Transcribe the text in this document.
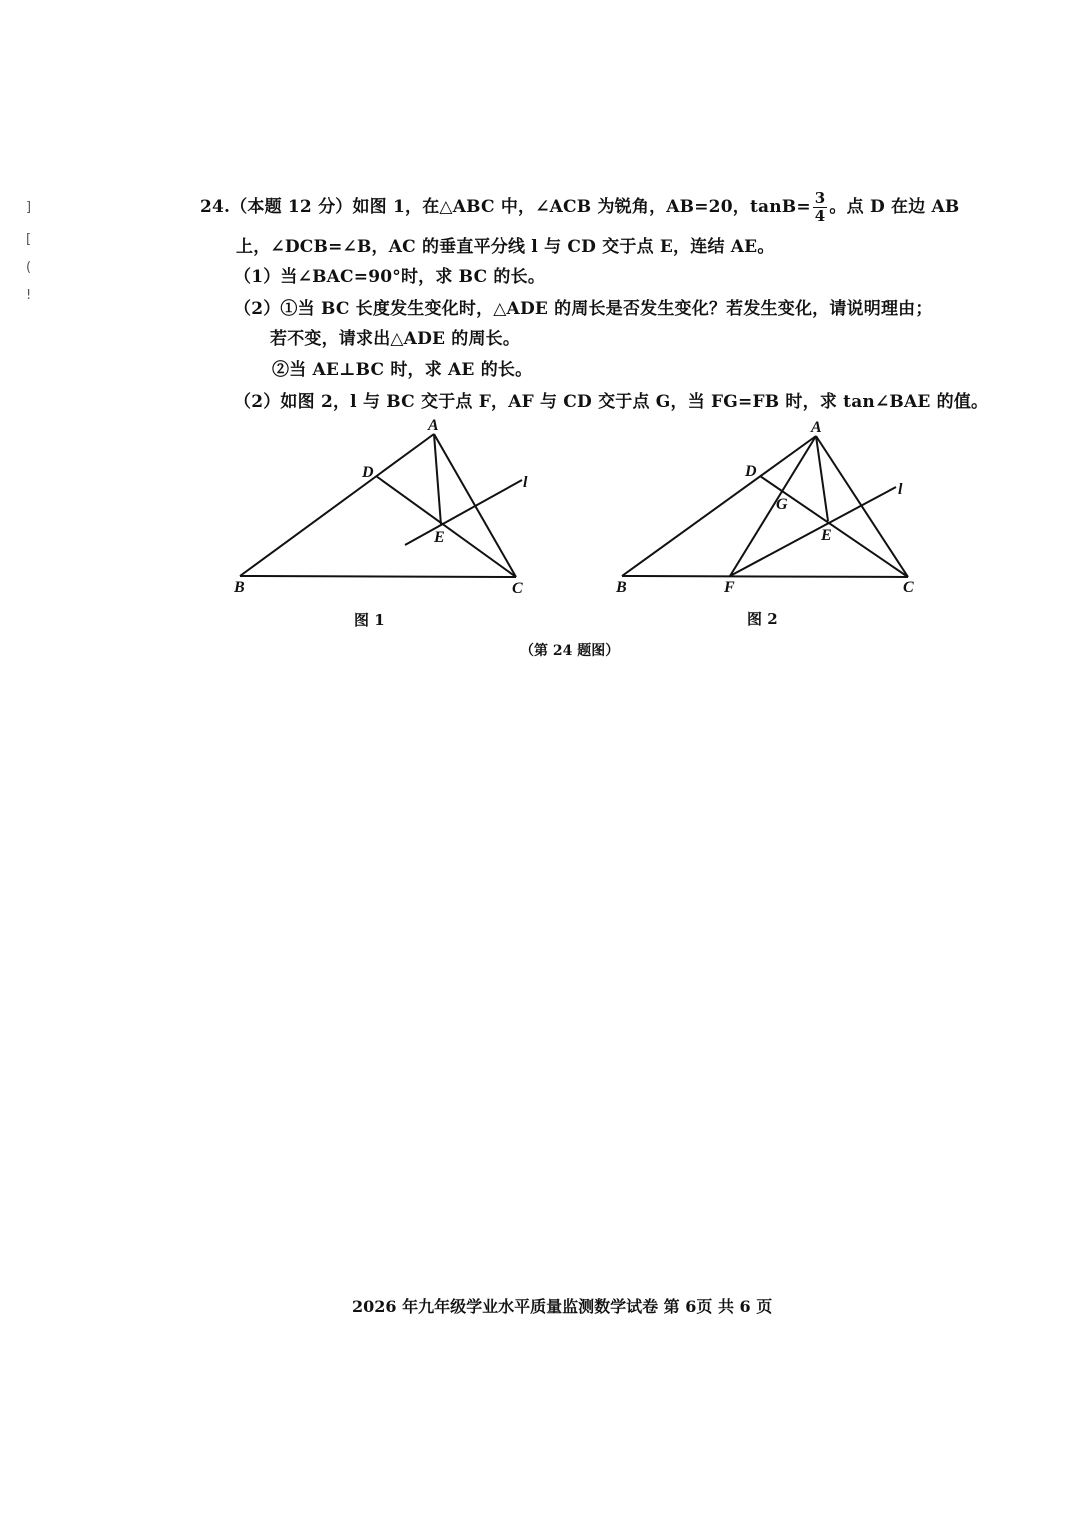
]
[
(
!
24.（本题 12 分）如图 1，在△ABC 中，∠ACB 为锐角，AB=20，$\tan B= \frac{3}{4}$ 。点 D 在边 AB
上，∠DCB=∠B，AC 的垂直平分线 l 与 CD 交于点 E，连结 AE。
（1）当∠BAC=90°时，求 BC 的长。
（2）①当 BC 长度发生变化时，△ADE 的周长是否发生变化？若发生变化，请说明理由；
若不变，请求出△ADE 的周长。
②当 AE⊥BC 时，求 AE 的长。
（2）如图 2，l 与 BC 交于点 F，AF 与 CD 交于点 G，当 FG=FB 时，求 tan∠BAE 的值。
A
B	C
D
E
l
图 1
A
B	C
D
E
F
G
l
图 2
（第 24 题图）
2026 年九年级学业水平质量监测数学试卷 第 6页 共 6 页
